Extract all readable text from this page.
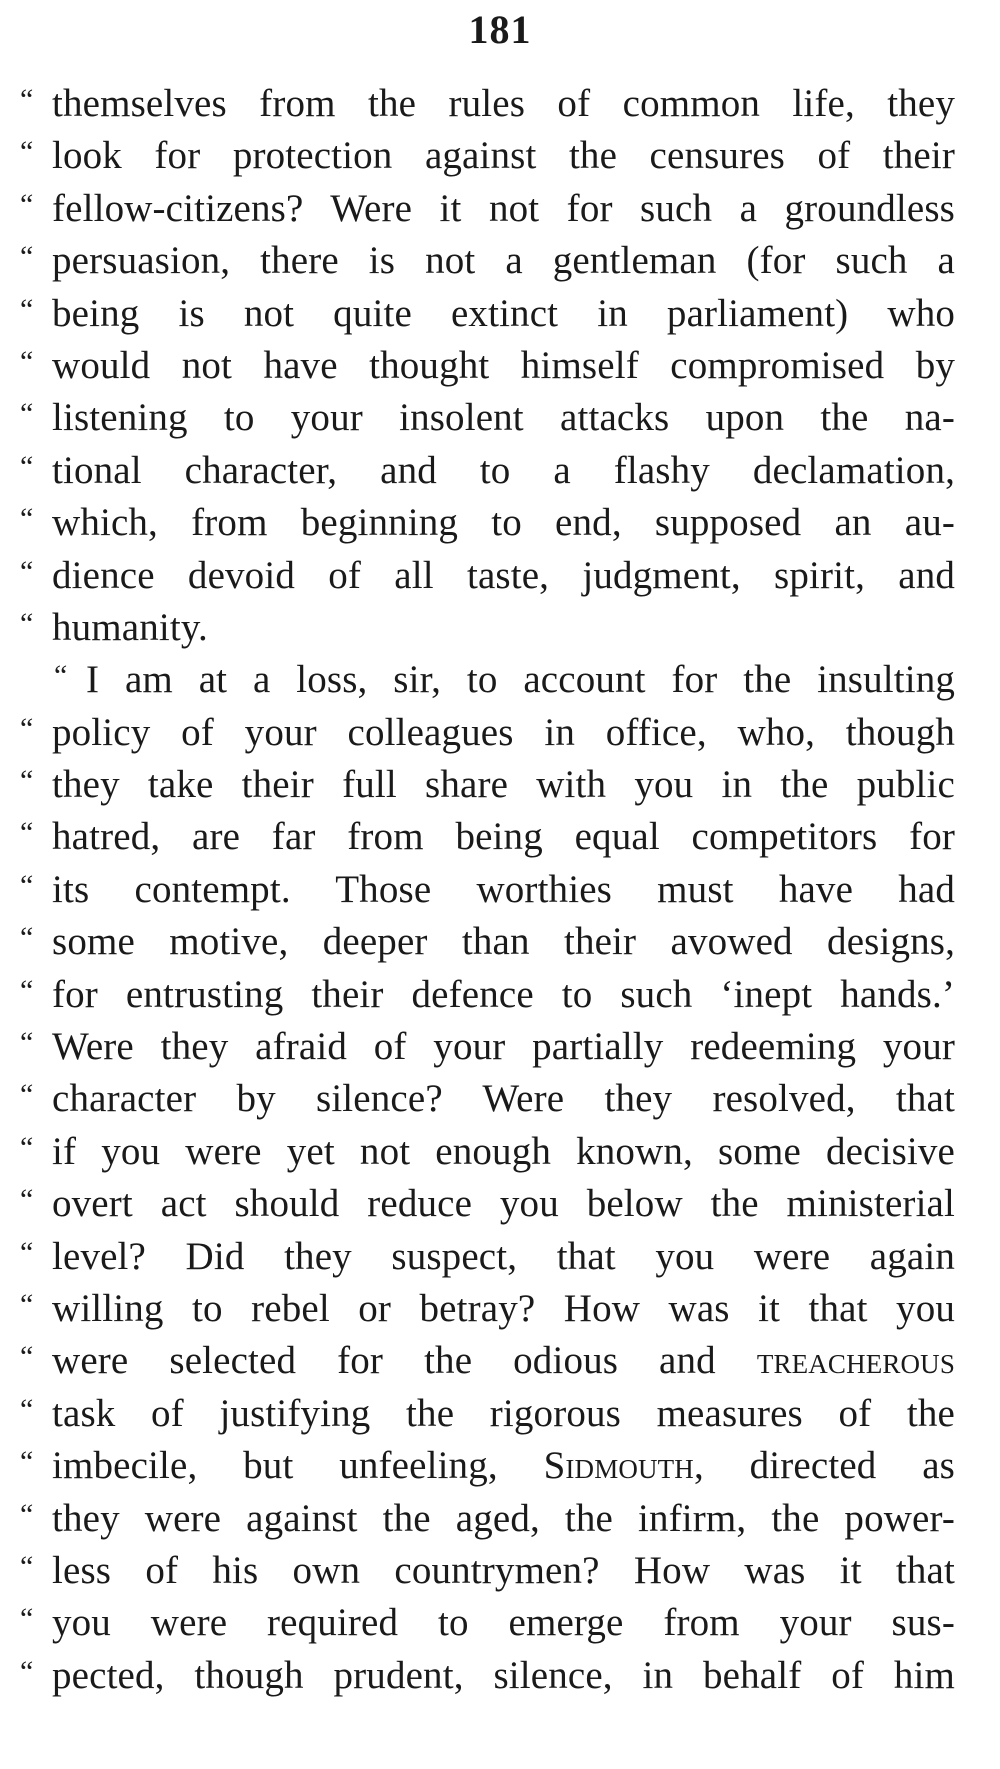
181
“ themselves from the rules of common life, they
“ look for protection against the censures of their
“ fellow-citizens? Were it not for such a groundless
“ persuasion, there is not a gentleman (for such a
“ being is not quite extinct in parliament) who
“ would not have thought himself compromised by
“ listening to your insolent attacks upon the na-
“ tional character, and to a flashy declamation,
“ which, from beginning to end, supposed an au-
“ dience devoid of all taste, judgment, spirit, and
“ humanity.
“ I am at a loss, sir, to account for the insulting
“ policy of your colleagues in office, who, though
“ they take their full share with you in the public
“ hatred, are far from being equal competitors for
“ its contempt. Those worthies must have had
“ some motive, deeper than their avowed designs,
“ for entrusting their defence to such ‘inept hands.’
“ Were they afraid of your partially redeeming your
“ character by silence? Were they resolved, that
“ if you were yet not enough known, some decisive
“ overt act should reduce you below the ministerial
“ level? Did they suspect, that you were again
“ willing to rebel or betray? How was it that you
“ were selected for the odious and treacherous
“ task of justifying the rigorous measures of the
“ imbecile, but unfeeling, Sidmouth, directed as
“ they were against the aged, the infirm, the power-
“ less of his own countrymen? How was it that
“ you were required to emerge from your sus-
“ pected, though prudent, silence, in behalf of him
